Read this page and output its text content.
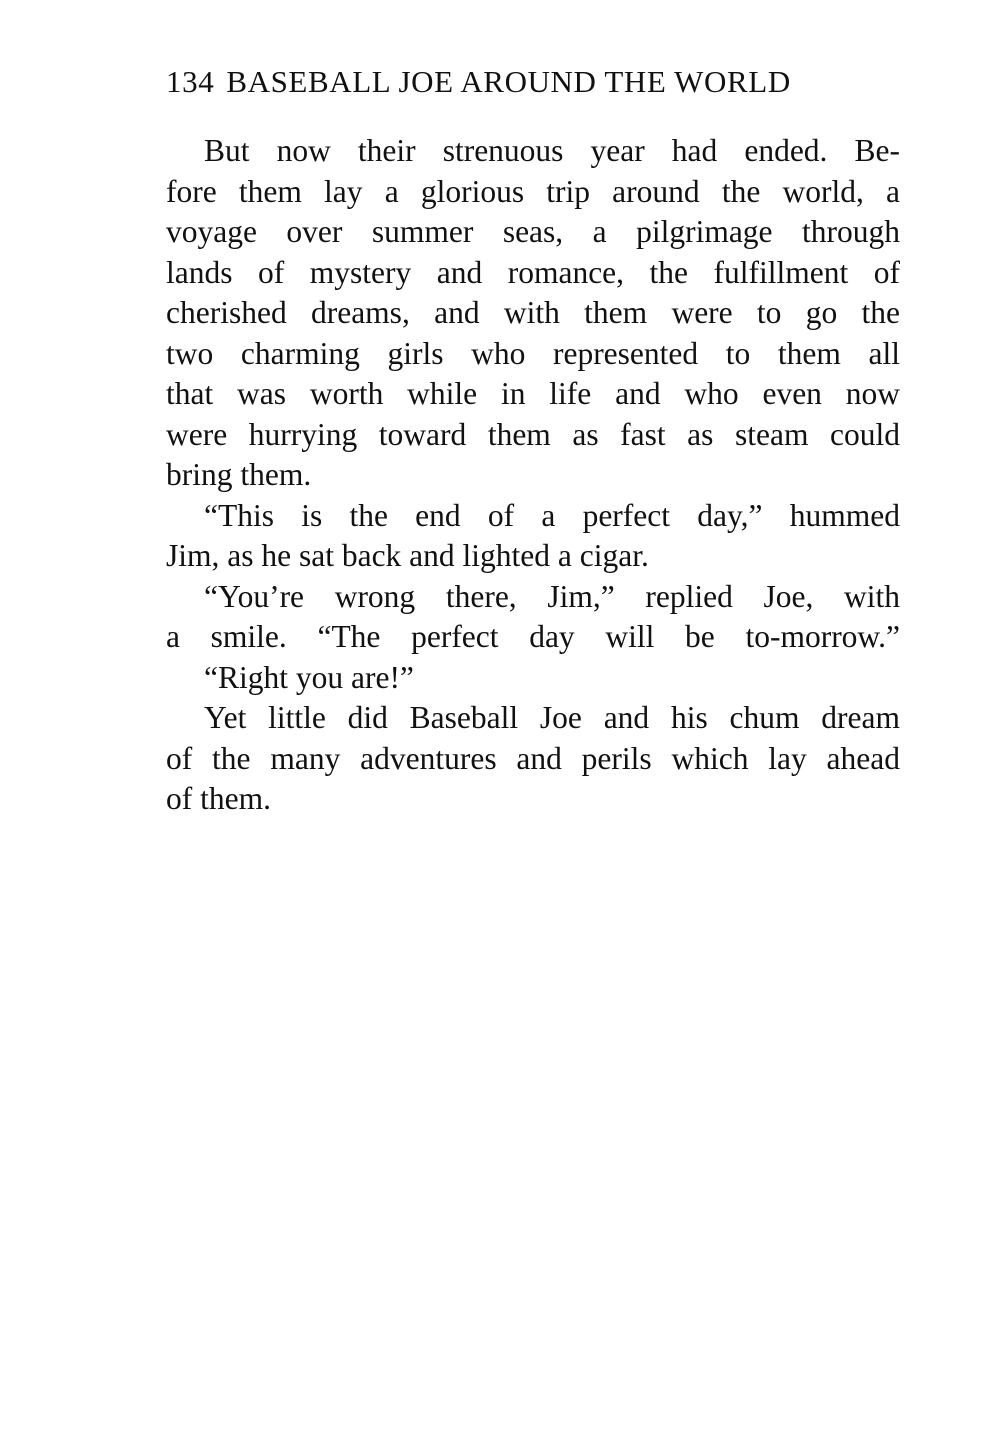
134 BASEBALL JOE AROUND THE WORLD
But now their strenuous year had ended. Be-
fore them lay a glorious trip around the world, a
voyage over summer seas, a pilgrimage through
lands of mystery and romance, the fulfillment of
cherished dreams, and with them were to go the
two charming girls who represented to them all
that was worth while in life and who even now
were hurrying toward them as fast as steam could
bring them.
“This is the end of a perfect day,” hummed
Jim, as he sat back and lighted a cigar.
“You’re wrong there, Jim,” replied Joe, with
a smile. “The perfect day will be to-morrow.”
“Right you are!”
Yet little did Baseball Joe and his chum dream
of the many adventures and perils which lay ahead
of them.
